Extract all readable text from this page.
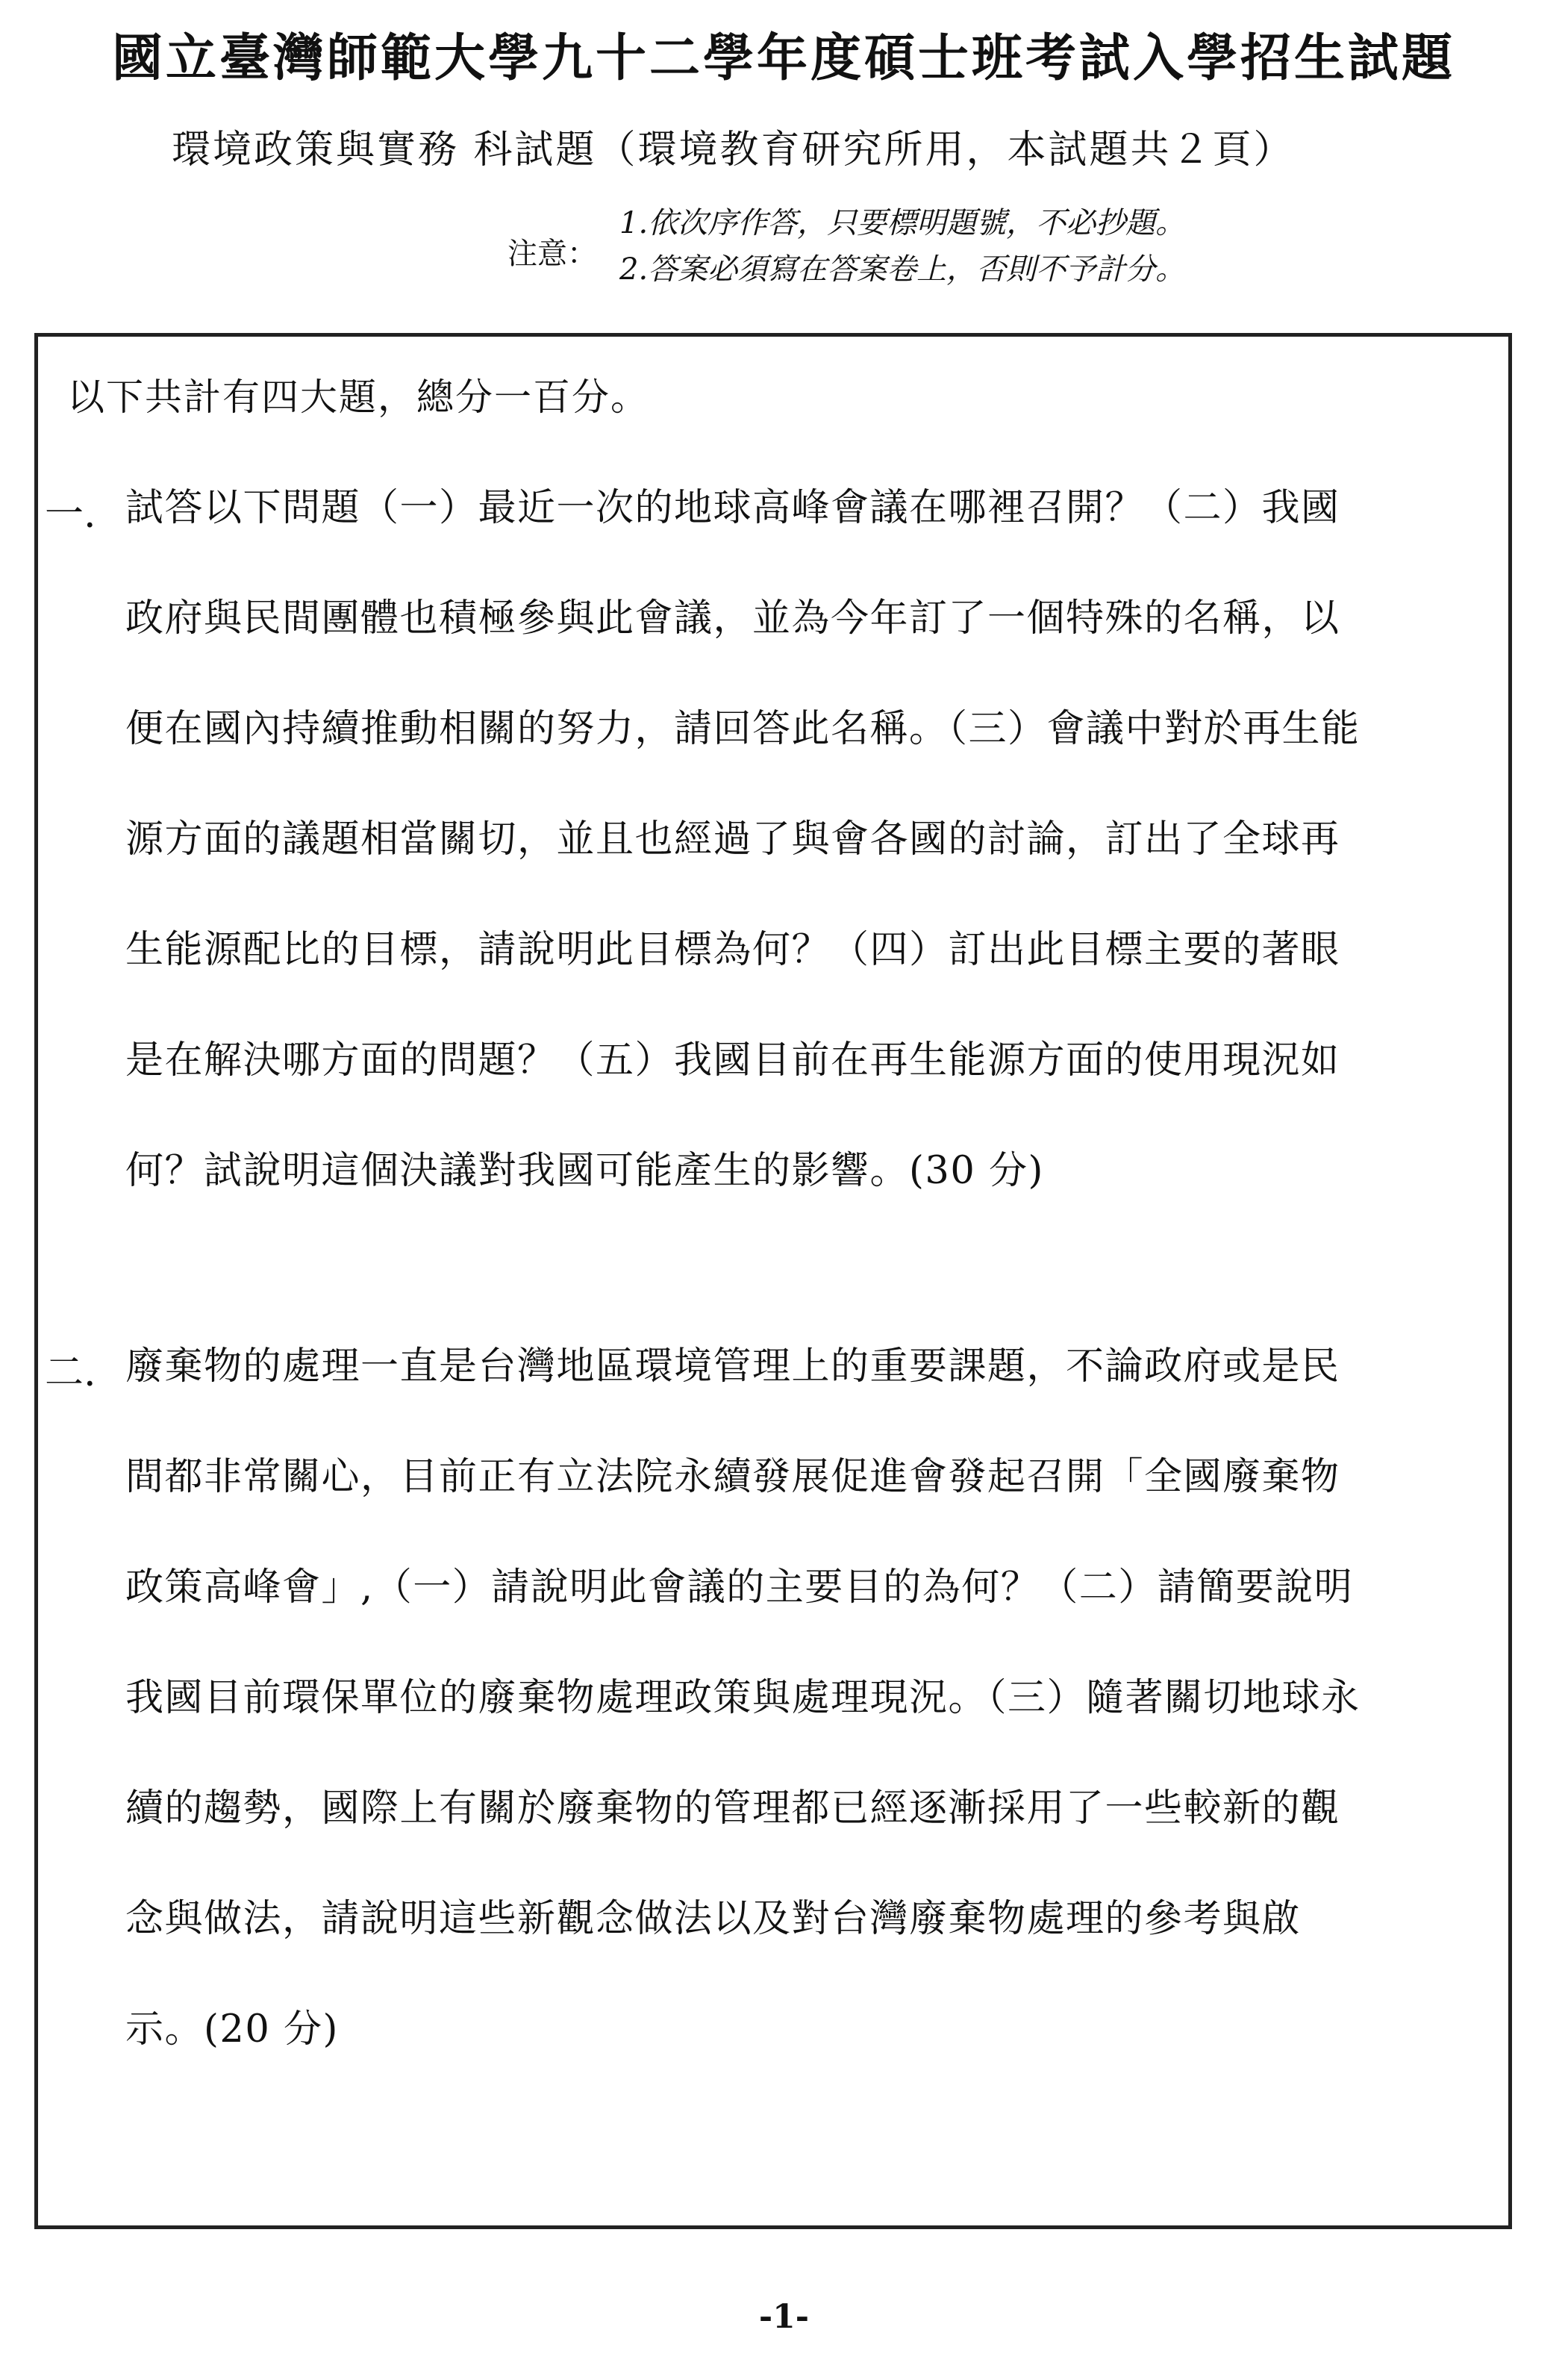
國立臺灣師範大學九十二學年度碩士班考試入學招生試題
環境政策與實務 科試題（環境教育研究所用，本試題共２頁）
注意：
1.依次序作答，只要標明題號，不必抄題。
2.答案必須寫在答案卷上，否則不予計分。
以下共計有四大題，總分一百分。
一. 試答以下問題（一）最近一次的地球高峰會議在哪裡召開？（二）我國
政府與民間團體也積極參與此會議，並為今年訂了一個特殊的名稱，以
便在國內持續推動相關的努力，請回答此名稱。（三）會議中對於再生能
源方面的議題相當關切，並且也經過了與會各國的討論，訂出了全球再
生能源配比的目標，請說明此目標為何？（四）訂出此目標主要的著眼
是在解決哪方面的問題？（五）我國目前在再生能源方面的使用現況如
何？試說明這個決議對我國可能產生的影響。(30 分)
二. 廢棄物的處理一直是台灣地區環境管理上的重要課題，不論政府或是民
間都非常關心，目前正有立法院永續發展促進會發起召開「全國廢棄物
政策高峰會」,（一）請說明此會議的主要目的為何？（二）請簡要說明
我國目前環保單位的廢棄物處理政策與處理現況。（三）隨著關切地球永
續的趨勢，國際上有關於廢棄物的管理都已經逐漸採用了一些較新的觀
念與做法，請說明這些新觀念做法以及對台灣廢棄物處理的參考與啟
示。(20 分)
-1-
